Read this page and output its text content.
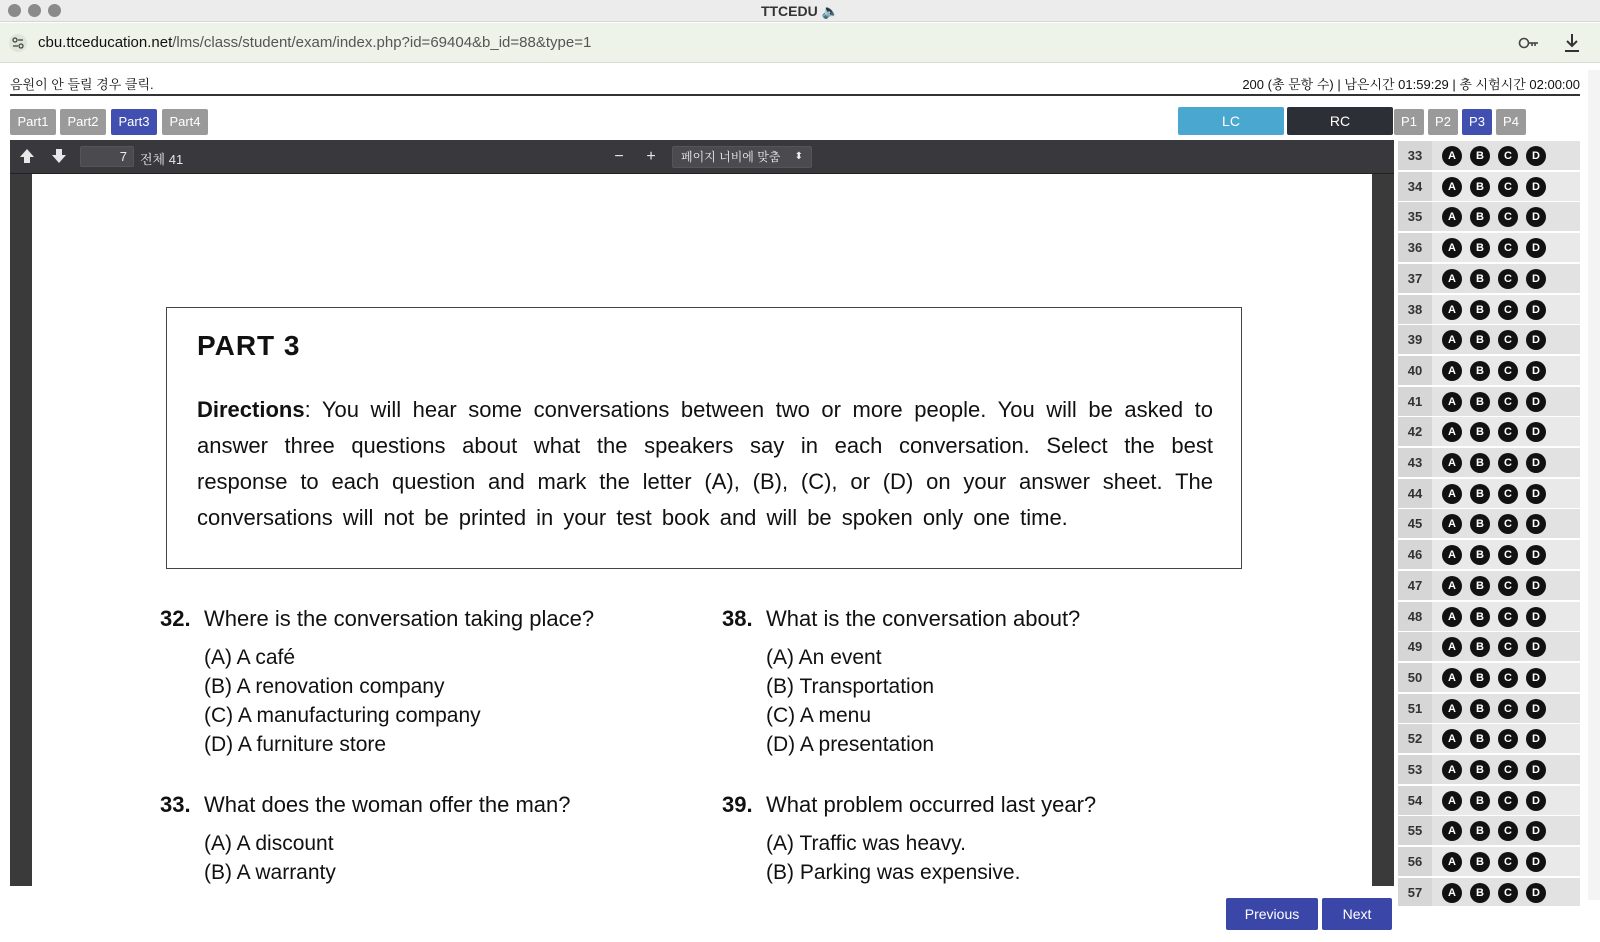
TTCEDU 🔈
cbu.ttceducation.net/lms/class/student/exam/index.php?id=69404&b_id=88&type=1
음원이 안 들릴 경우 클릭.	200 (총 문항 수) | 남은시간 01:59:29 | 총 시험시간 02:00:00
Part1	Part2	Part3	Part4	LC	RC	P1	P2	P3	P4
7	전체 41	−	+	페이지 너비에 맞춤 ⬍
PART 3
Directions: You will hear some conversations between two or more people. You will be asked to answer three questions about what the speakers say in each conversation. Select the best response to each question and mark the letter (A), (B), (C), or (D) on your answer sheet. The conversations will not be printed in your test book and will be spoken only one time.
32. Where is the conversation taking place?
(A) A café
(B) A renovation company
(C) A manufacturing company
(D) A furniture store
38. What is the conversation about?
(A) An event
(B) Transportation
(C) A menu
(D) A presentation
33. What does the woman offer the man?
(A) A discount
(B) A warranty
39. What problem occurred last year?
(A) Traffic was heavy.
(B) Parking was expensive.
33	A	B	C	D
34	A	B	C	D
35	A	B	C	D
36	A	B	C	D
37	A	B	C	D
38	A	B	C	D
39	A	B	C	D
40	A	B	C	D
41	A	B	C	D
42	A	B	C	D
43	A	B	C	D
44	A	B	C	D
45	A	B	C	D
46	A	B	C	D
47	A	B	C	D
48	A	B	C	D
49	A	B	C	D
50	A	B	C	D
51	A	B	C	D
52	A	B	C	D
53	A	B	C	D
54	A	B	C	D
55	A	B	C	D
56	A	B	C	D
57	A	B	C	D
Previous	Next
